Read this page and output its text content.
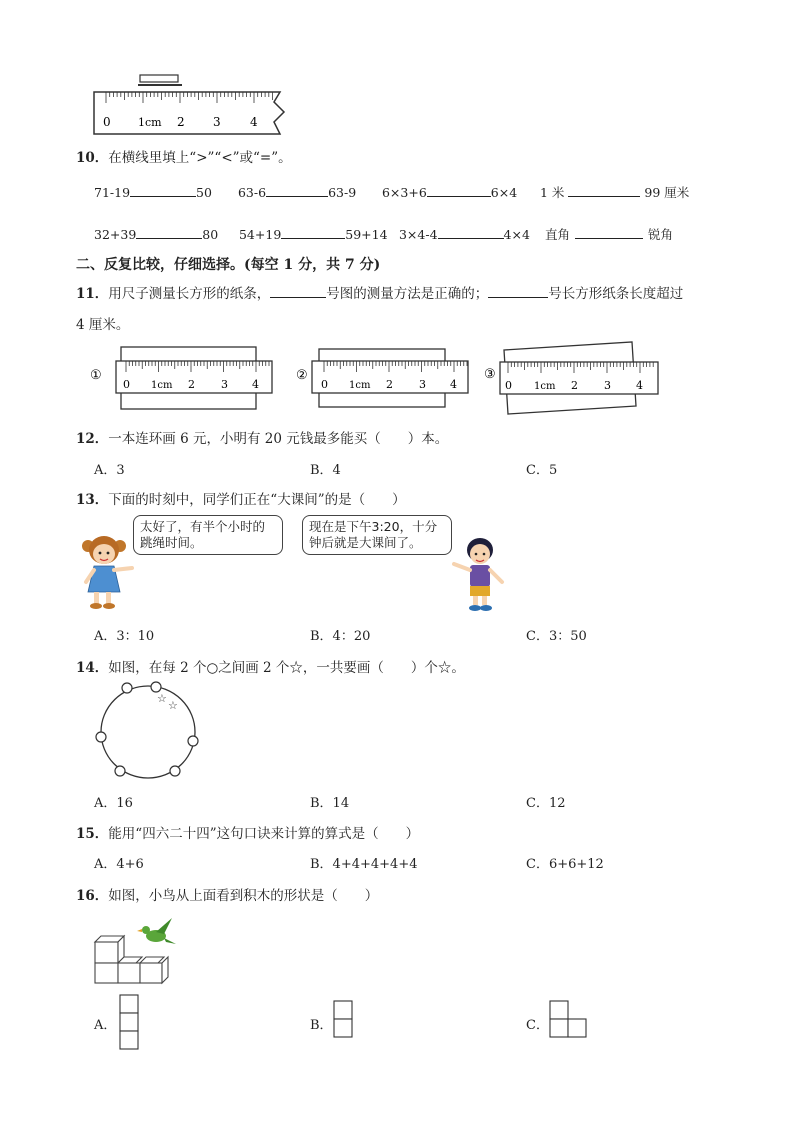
0 1cm 2 3 4
10．在横线里填上“>”“<”或“=”。
71-19	50 63-6	63-9 6×3+6	6×4 1 米	99 厘米
32+39	80 54+19	59+14 3×4-4	4×4 直角	锐角
二、反复比较，仔细选择。(每空 1 分，共 7 分)
11．用尺子测量长方形的纸条，	号图的测量方法是正确的；	号长方形纸条长度超过
4 厘米。
①
0 1cm 2 3 4
②
0 1cm 2 3 4
③
0 1cm 2 3 4
12．一本连环画 6 元，小明有 20 元钱最多能买（　　）本。
A．3	B．4	C．5
13．下面的时刻中，同学们正在“大课间”的是（　　）
太好了，有半个小时的
跳绳时间。
现在是下午3:20，十分
钟后就是大课间了。
A．3：10	B．4：20	C．3：50
14．如图，在每 2 个○之间画 2 个☆，一共要画（　　）个☆。
☆
☆
A．16	B．14	C．12
15．能用“四六二十四”这句口诀来计算的算式是（　　）
A．4+6	B．4+4+4+4+4	C．6+6+12
16．如图，小鸟从上面看到积木的形状是（　　）
A．	B．	C．
